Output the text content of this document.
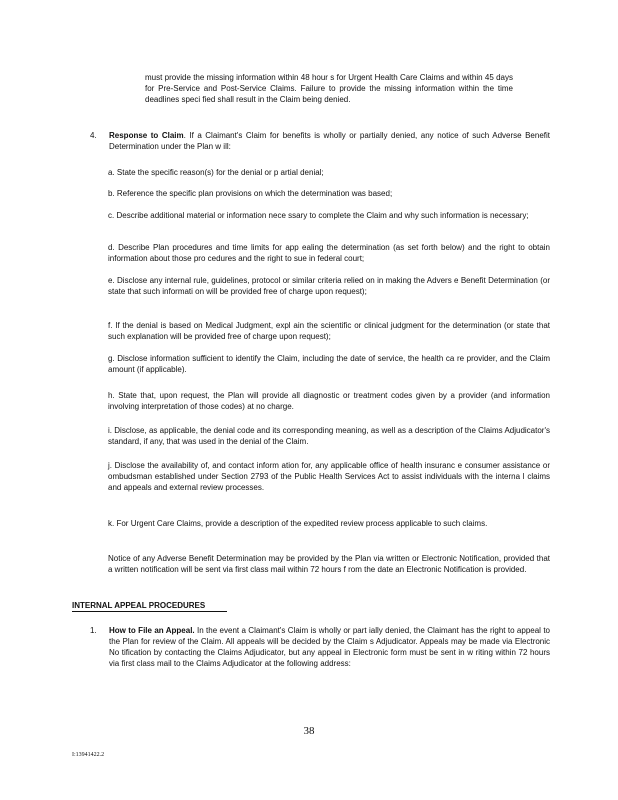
must provide the missing information within 48 hour s for Urgent Health Care Claims and within 45 days for Pre-Service and Post-Service Claims. Failure to provide the missing information within the time deadlines speci fied shall result in the Claim being denied.

4. Response to Claim. If a Claimant's Claim for benefits is wholly or partially denied, any notice of such Adverse Benefit Determination under the Plan w ill:

a. State the specific reason(s) for the denial or p artial denial;
b. Reference the specific plan provisions on which the determination was based;
c. Describe additional material or information nece ssary to complete the Claim and why such information is necessary;
d. Describe Plan procedures and time limits for app ealing the determination (as set forth below) and the right to obtain information about those pro cedures and the right to sue in federal court;
e. Disclose any internal rule, guidelines, protocol or similar criteria relied on in making the Advers e Benefit Determination (or state that such informati on will be provided free of charge upon request);
f. If the denial is based on Medical Judgment, expl ain the scientific or clinical judgment for the determination (or state that such explanation will be provided free of charge upon request);
g. Disclose information sufficient to identify the Claim, including the date of service, the health ca re provider, and the Claim amount (if applicable).
h. State that, upon request, the Plan will provide all diagnostic or treatment codes given by a provider (and information involving interpretation of those codes) at no charge.
i. Disclose, as applicable, the denial code and its corresponding meaning, as well as a description of the Claims Adjudicator's standard, if any, that was used in the denial of the Claim.
j. Disclose the availability of, and contact inform ation for, any applicable office of health insuranc e consumer assistance or ombudsman established under Section 2793 of the Public Health Services Act to assist individuals with the interna l claims and appeals and external review processes.
k. For Urgent Care Claims, provide a description of the expedited review process applicable to such claims.
Notice of any Adverse Benefit Determination may be provided by the Plan via written or Electronic Notification, provided that a written notification will be sent via first class mail within 72 hours f rom the date an Electronic Notification is provided.
INTERNAL APPEAL PROCEDURES
1. How to File an Appeal. In the event a Claimant's Claim is wholly or part ially denied, the Claimant has the right to appeal to the Plan for review of the Claim. All appeals will be decided by the Claim s Adjudicator. Appeals may be made via Electronic No tification by contacting the Claims Adjudicator, but any appeal in Electronic form must be sent in w riting within 72 hours via first class mail to the Claims Adjudicator at the following address:

38
I:13941422.2
